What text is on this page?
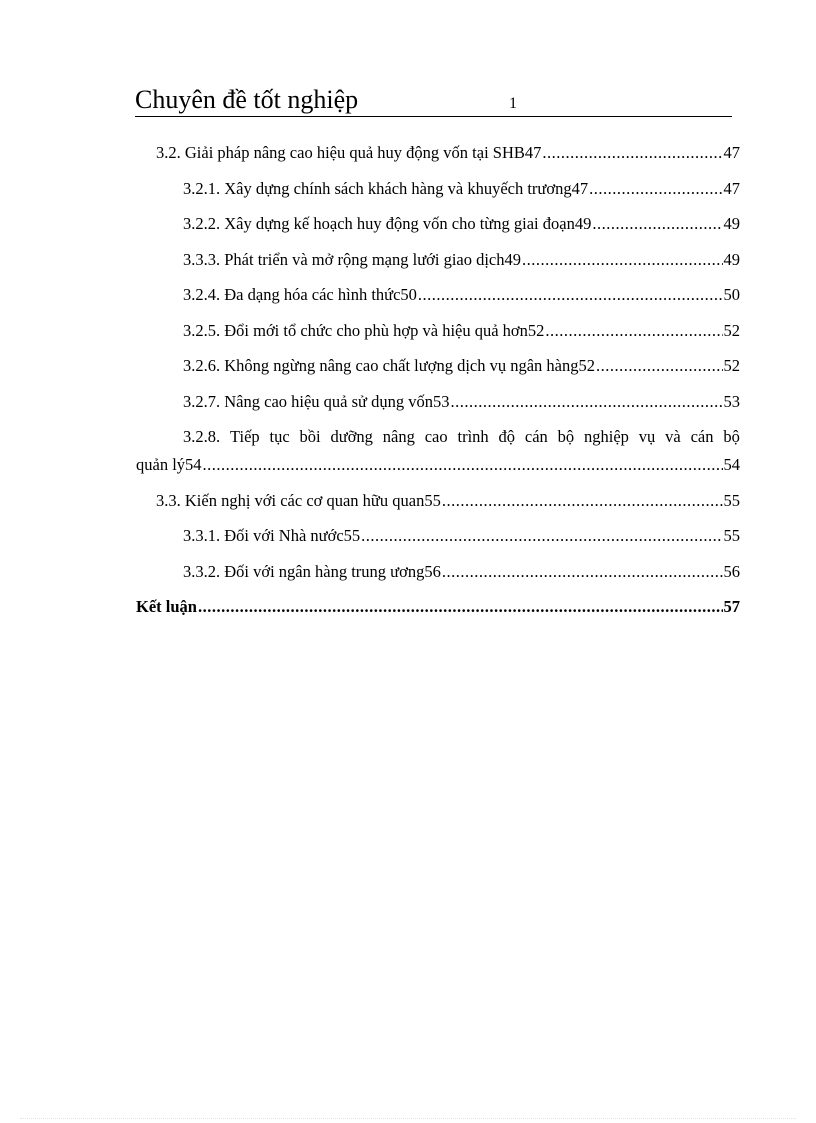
Chuyên đề tốt nghiệp	1
3.2. Giải pháp nâng cao hiệu quả huy động vốn tại SHB47 .....	47
3.2.1. Xây dựng chính sách khách hàng và khuyếch trương47 .....	47
3.2.2. Xây dựng kế hoạch huy động vốn cho từng giai đoạn49 .....	49
3.3.3. Phát triển và mở rộng mạng lưới giao dịch49 .....	49
3.2.4. Đa dạng hóa các hình thức50 .....	50
3.2.5. Đổi mới tổ chức cho phù hợp và hiệu quả hơn52 .....	52
3.2.6. Không ngừng nâng cao chất lượng dịch vụ ngân hàng52 .....	52
3.2.7. Nâng cao hiệu quả sử dụng vốn53 .....	53
3.2.8. Tiếp tục bồi dưỡng nâng cao trình độ cán bộ nghiệp vụ và cán bộ
quản lý54 .....	54
3.3. Kiến nghị với các cơ quan hữu quan55 .....	55
3.3.1. Đối với Nhà nước55 .....	55
3.3.2. Đối với ngân hàng trung ương56 .....	56
Kết luận .....	57
